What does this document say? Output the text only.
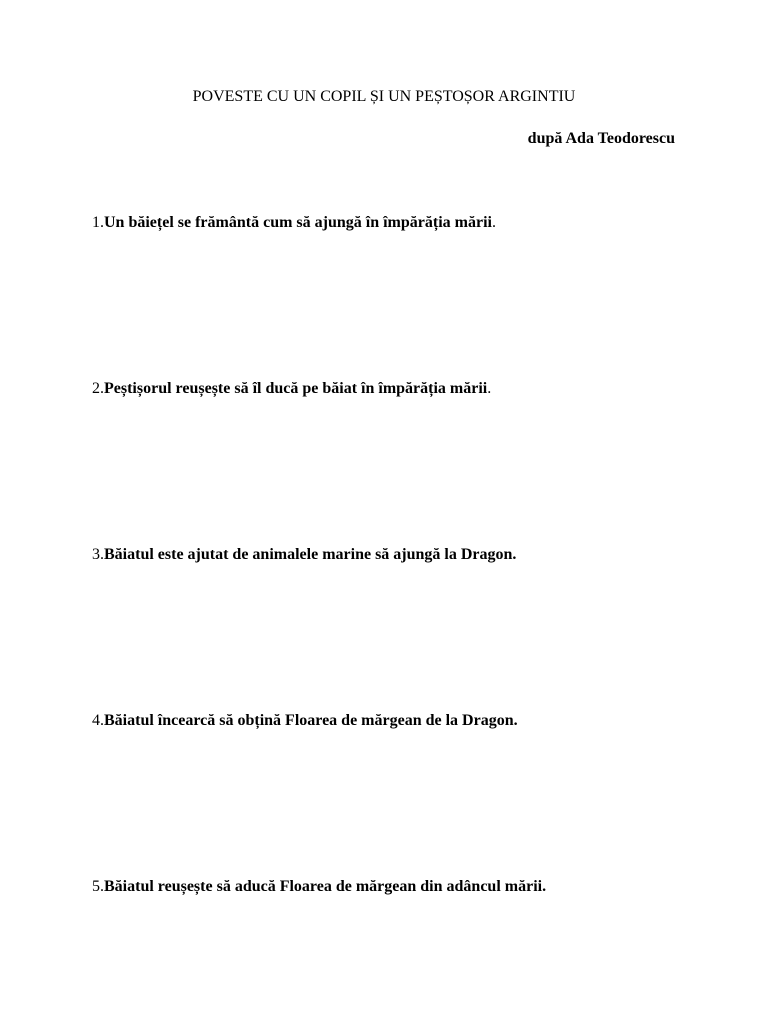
POVESTE CU UN COPIL ȘI UN PEȘTOȘOR ARGINTIU
după Ada Teodorescu
1.Un băiețel se frământă cum să ajungă în împărăția mării.
2.Peștișorul reușește să îl ducă pe băiat în împărăția mării.
3.Băiatul este ajutat de animalele marine să ajungă la Dragon.
4.Băiatul încearcă să obțină Floarea de mărgean de la Dragon.
5.Băiatul reușește să aducă Floarea de mărgean din adâncul mării.
